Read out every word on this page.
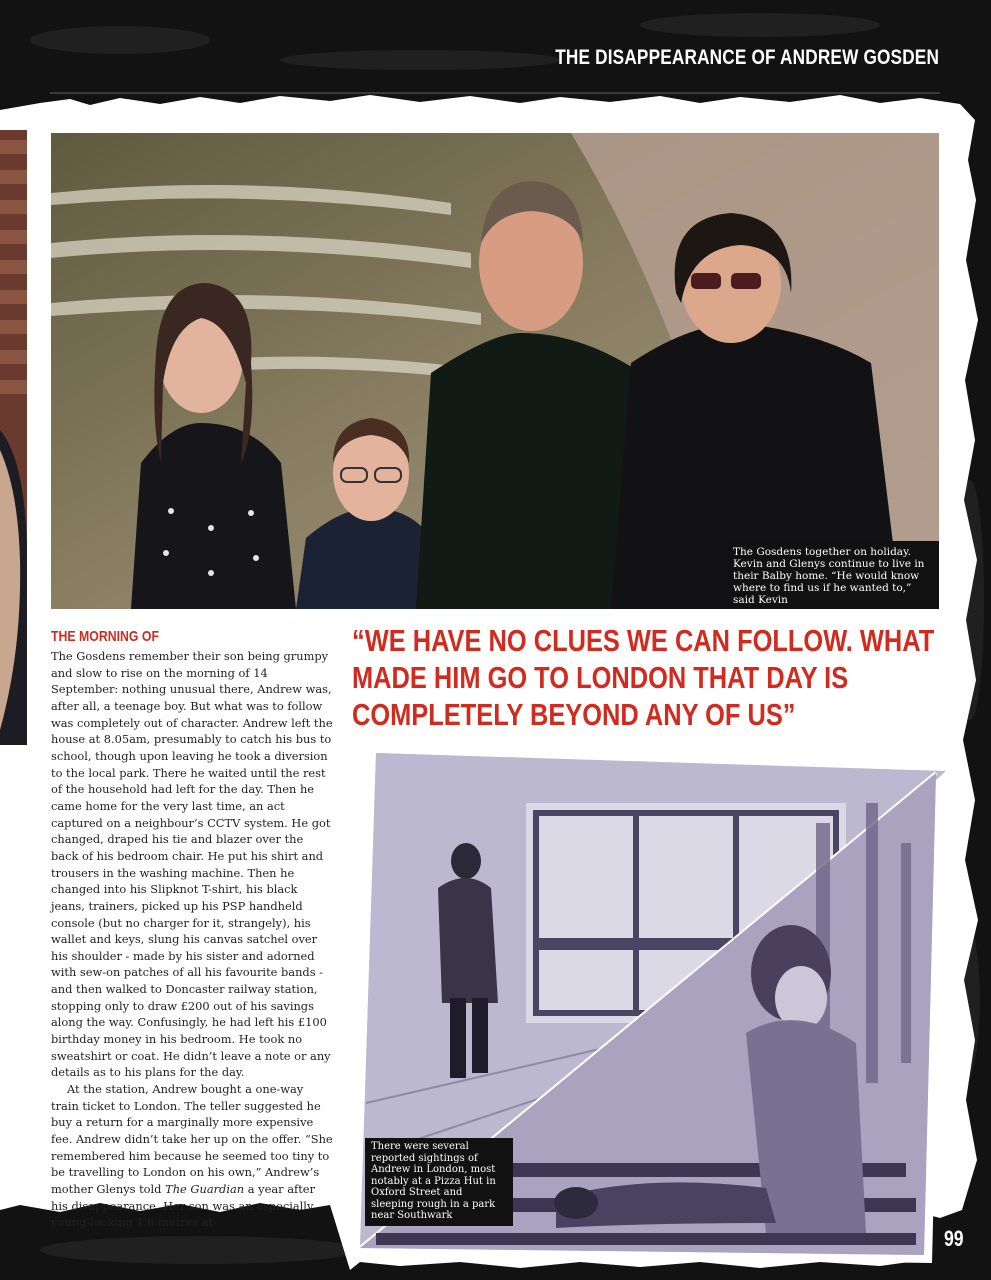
THE DISAPPEARANCE OF ANDREW GOSDEN
The Gosdens together on holiday. Kevin and Glenys continue to live in their Balby home. “He would know where to find us if he wanted to,” said Kevin
THE MORNING OF

The Gosdens remember their son being grumpy and slow to rise on the morning of 14 September: nothing unusual there, Andrew was, after all, a teenage boy. But what was to follow was completely out of character. Andrew left the house at 8.05am, presumably to catch his bus to school, though upon leaving he took a diversion to the local park. There he waited until the rest of the household had left for the day. Then he came home for the very last time, an act captured on a neighbour’s CCTV system. He got changed, draped his tie and blazer over the back of his bedroom chair. He put his shirt and trousers in the washing machine. Then he changed into his Slipknot T-shirt, his black jeans, trainers, picked up his PSP handheld console (but no charger for it, strangely), his wallet and keys, slung his canvas satchel over his shoulder - made by his sister and adorned with sew-on patches of all his favourite bands - and then walked to Doncaster railway station, stopping only to draw £200 out of his savings along the way. Confusingly, he had left his £100 birthday money in his bedroom. He took no sweatshirt or coat. He didn’t leave a note or any details as to his plans for the day.

At the station, Andrew bought a one-way train ticket to London. The teller suggested he buy a return for a marginally more expensive fee. Andrew didn’t take her up on the offer. “She remembered him because he seemed too tiny to be travelling to London on his own,” Andrew’s mother Glenys told The Guardian a year after his disappearance. Her son was an especially young-looking 1.6 metres at

“WE HAVE NO CLUES WE CAN FOLLOW. WHAT
MADE HIM GO TO LONDON THAT DAY IS
COMPLETELY BEYOND ANY OF US”
There were several reported sightings of Andrew in London, most notably at a Pizza Hut in Oxford Street and sleeping rough in a park near Southwark
99
